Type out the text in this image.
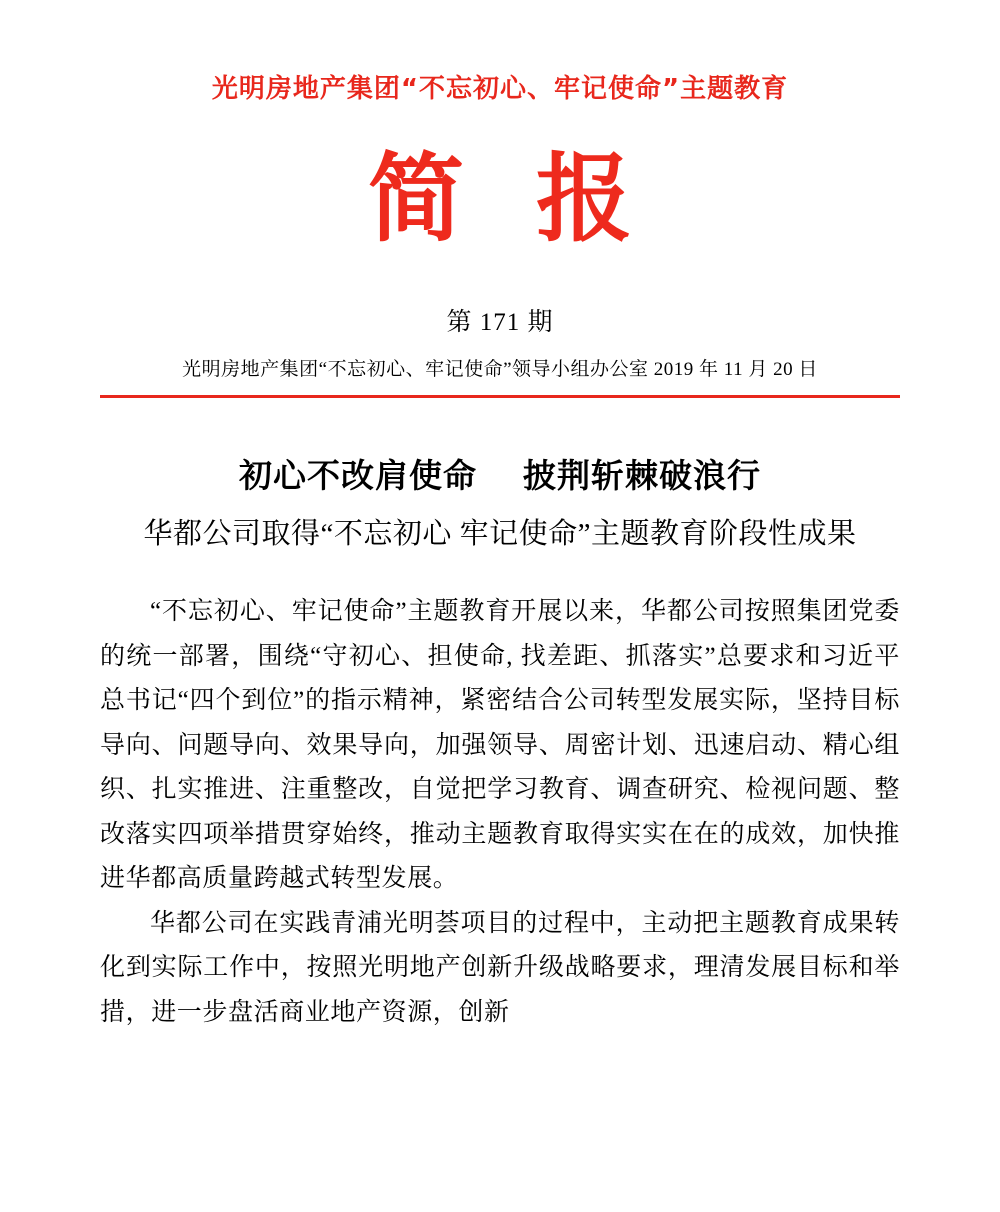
光明房地产集团“不忘初心、牢记使命”主题教育
简报
第 171 期
光明房地产集团“不忘初心、牢记使命”领导小组办公室 2019 年 11 月 20 日
初心不改肩使命 披荆斩棘破浪行
华都公司取得“不忘初心 牢记使命”主题教育阶段性成果

“不忘初心、牢记使命”主题教育开展以来，华都公司按照集团党委的统一部署，围绕“守初心、担使命, 找差距、抓落实”总要求和习近平总书记“四个到位”的指示精神，紧密结合公司转型发展实际，坚持目标导向、问题导向、效果导向，加强领导、周密计划、迅速启动、精心组织、扎实推进、注重整改，自觉把学习教育、调查研究、检视问题、整改落实四项举措贯穿始终，推动主题教育取得实实在在的成效，加快推进华都高质量跨越式转型发展。

华都公司在实践青浦光明荟项目的过程中，主动把主题教育成果转化到实际工作中，按照光明地产创新升级战略要求，理清发展目标和举措，进一步盘活商业地产资源，创新
